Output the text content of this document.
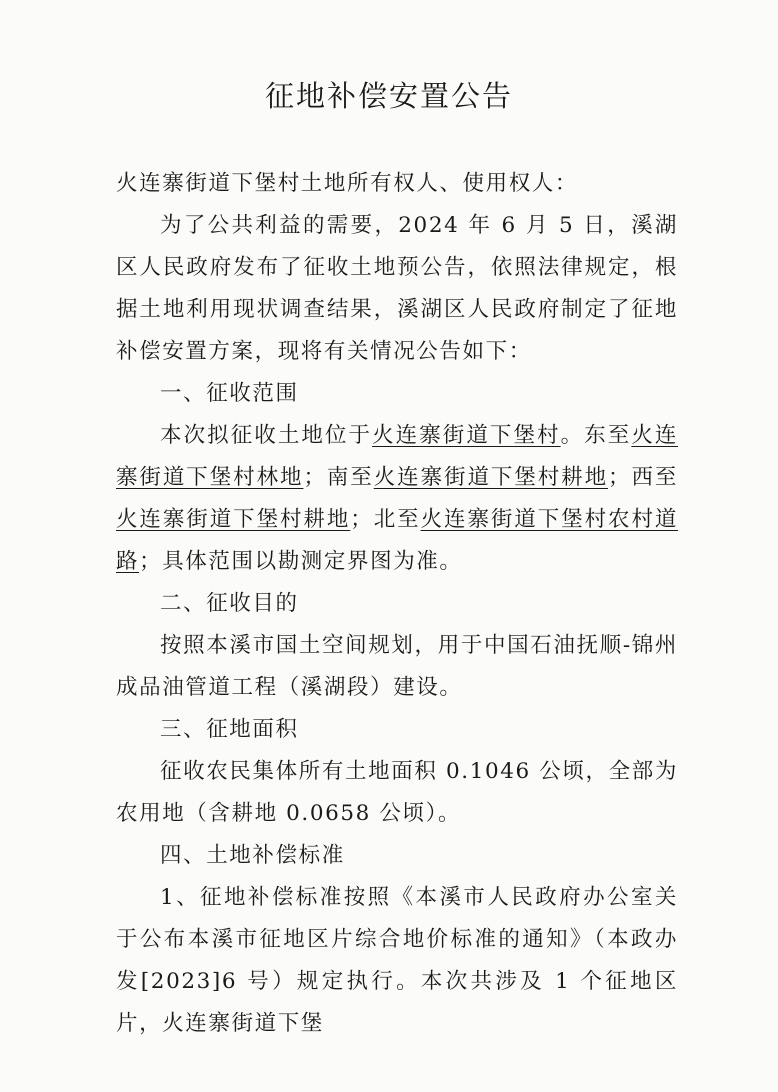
征地补偿安置公告

火连寨街道下堡村土地所有权人、使用权人：

为了公共利益的需要，2024 年 6 月 5 日，溪湖区人民政府发布了征收土地预公告，依照法律规定，根据土地利用现状调查结果，溪湖区人民政府制定了征地补偿安置方案，现将有关情况公告如下：

一、征收范围

本次拟征收土地位于火连寨街道下堡村。东至火连寨街道下堡村林地；南至火连寨街道下堡村耕地；西至火连寨街道下堡村耕地；北至火连寨街道下堡村农村道路；具体范围以勘测定界图为准。

二、征收目的

按照本溪市国土空间规划，用于中国石油抚顺-锦州成品油管道工程（溪湖段）建设。

三、征地面积

征收农民集体所有土地面积 0.1046 公顷，全部为农用地（含耕地 0.0658 公顷）。

四、土地补偿标准

1、征地补偿标准按照《本溪市人民政府办公室关于公布本溪市征地区片综合地价标准的通知》（本政办发[2023]6 号）规定执行。本次共涉及 1 个征地区片，火连寨街道下堡
